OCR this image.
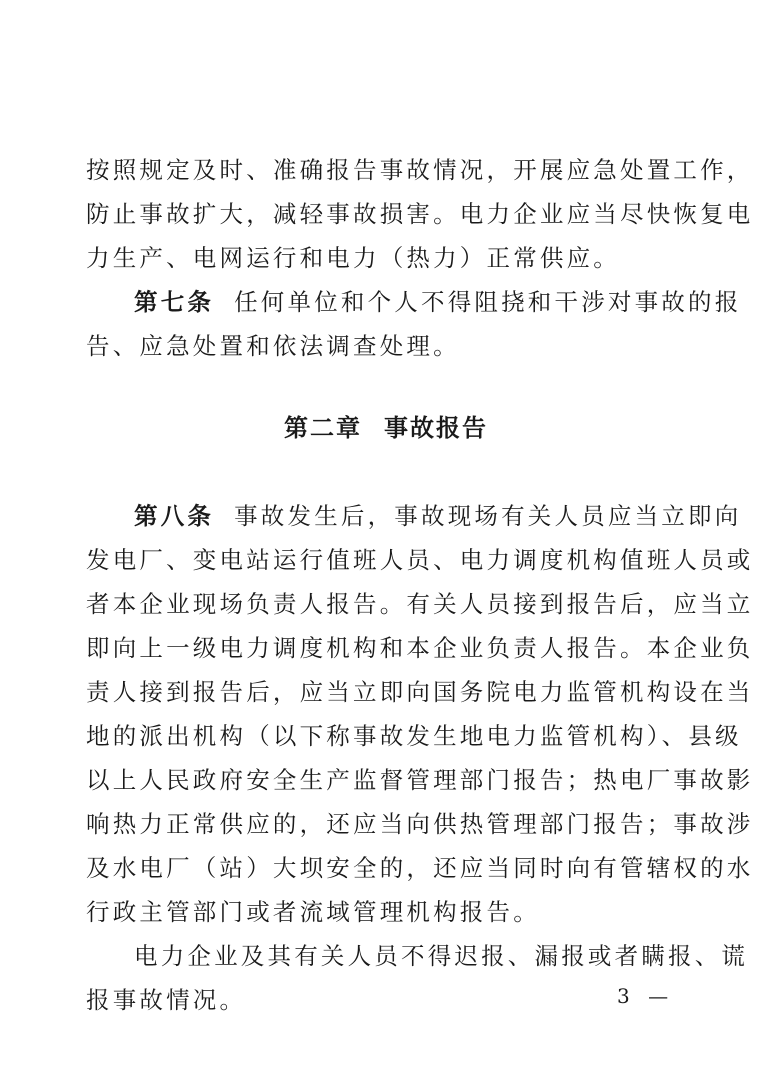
按照规定及时、准确报告事故情况，开展应急处置工作，
防止事故扩大，减轻事故损害。电力企业应当尽快恢复电
力生产、电网运行和电力（热力）正常供应。
第七条 任何单位和个人不得阻挠和干涉对事故的报
告、应急处置和依法调查处理。
第二章 事故报告
第八条 事故发生后，事故现场有关人员应当立即向
发电厂、变电站运行值班人员、电力调度机构值班人员或
者本企业现场负责人报告。有关人员接到报告后，应当立
即向上一级电力调度机构和本企业负责人报告。本企业负
责人接到报告后，应当立即向国务院电力监管机构设在当
地的派出机构（以下称事故发生地电力监管机构）、县级
以上人民政府安全生产监督管理部门报告；热电厂事故影
响热力正常供应的，还应当向供热管理部门报告；事故涉
及水电厂（站）大坝安全的，还应当同时向有管辖权的水
行政主管部门或者流域管理机构报告。
电力企业及其有关人员不得迟报、漏报或者瞒报、谎
报事故情况。	3 —
